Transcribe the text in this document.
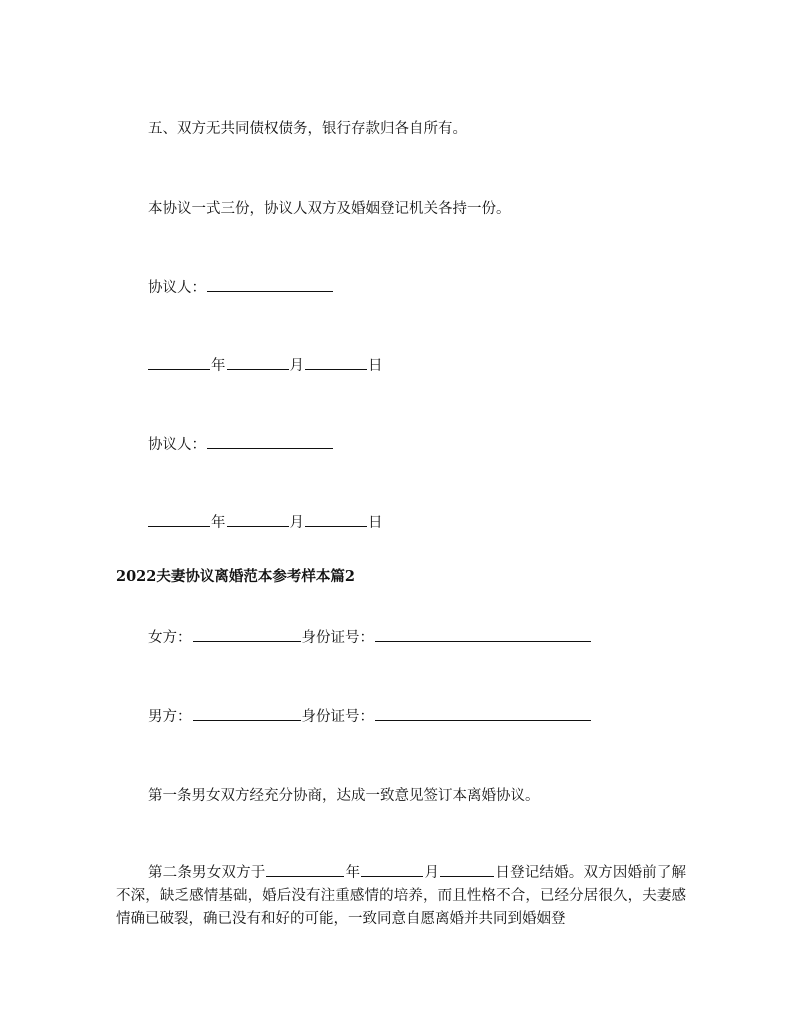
五、双方无共同债权债务，银行存款归各自所有。
本协议一式三份，协议人双方及婚姻登记机关各持一份。
协议人：
年	月	日
协议人：
年	月	日
2022夫妻协议离婚范本参考样本篇2
女方：	身份证号：
男方：	身份证号：
第一条男女双方经充分协商，达成一致意见签订本离婚协议。
第二条男女双方于	年	月	日登记结婚。双方因婚前了解不深，缺乏感情基础，婚后没有注重感情的培养，而且性格不合，已经分居很久，夫妻感情确已破裂，确已没有和好的可能，一致同意自愿离婚并共同到婚姻登
